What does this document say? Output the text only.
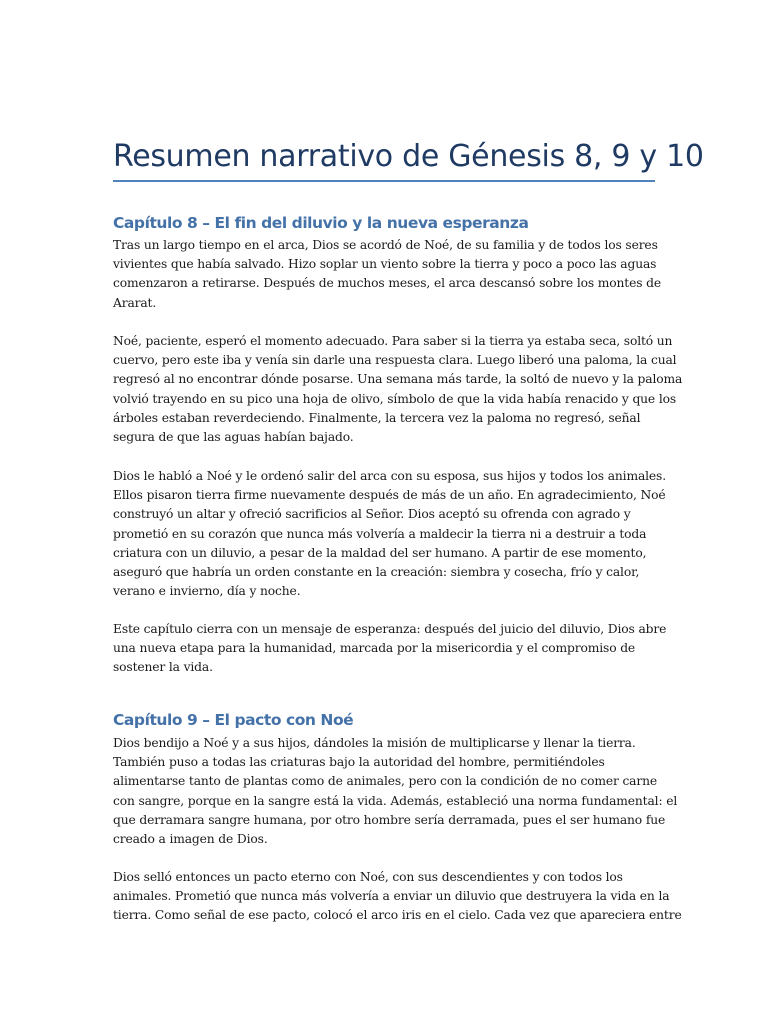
Resumen narrativo de Génesis 8, 9 y 10
Capítulo 8 – El fin del diluvio y la nueva esperanza

Tras un largo tiempo en el arca, Dios se acordó de Noé, de su familia y de todos los seres
vivientes que había salvado. Hizo soplar un viento sobre la tierra y poco a poco las aguas
comenzaron a retirarse. Después de muchos meses, el arca descansó sobre los montes de
Ararat.

Noé, paciente, esperó el momento adecuado. Para saber si la tierra ya estaba seca, soltó un
cuervo, pero este iba y venía sin darle una respuesta clara. Luego liberó una paloma, la cual
regresó al no encontrar dónde posarse. Una semana más tarde, la soltó de nuevo y la paloma
volvió trayendo en su pico una hoja de olivo, símbolo de que la vida había renacido y que los
árboles estaban reverdeciendo. Finalmente, la tercera vez la paloma no regresó, señal
segura de que las aguas habían bajado.

Dios le habló a Noé y le ordenó salir del arca con su esposa, sus hijos y todos los animales.
Ellos pisaron tierra firme nuevamente después de más de un año. En agradecimiento, Noé
construyó un altar y ofreció sacrificios al Señor. Dios aceptó su ofrenda con agrado y
prometió en su corazón que nunca más volvería a maldecir la tierra ni a destruir a toda
criatura con un diluvio, a pesar de la maldad del ser humano. A partir de ese momento,
aseguró que habría un orden constante en la creación: siembra y cosecha, frío y calor,
verano e invierno, día y noche.

Este capítulo cierra con un mensaje de esperanza: después del juicio del diluvio, Dios abre
una nueva etapa para la humanidad, marcada por la misericordia y el compromiso de
sostener la vida.

Capítulo 9 – El pacto con Noé

Dios bendijo a Noé y a sus hijos, dándoles la misión de multiplicarse y llenar la tierra.
También puso a todas las criaturas bajo la autoridad del hombre, permitiéndoles
alimentarse tanto de plantas como de animales, pero con la condición de no comer carne
con sangre, porque en la sangre está la vida. Además, estableció una norma fundamental: el
que derramara sangre humana, por otro hombre sería derramada, pues el ser humano fue
creado a imagen de Dios.

Dios selló entonces un pacto eterno con Noé, con sus descendientes y con todos los
animales. Prometió que nunca más volvería a enviar un diluvio que destruyera la vida en la
tierra. Como señal de ese pacto, colocó el arco iris en el cielo. Cada vez que apareciera entre
